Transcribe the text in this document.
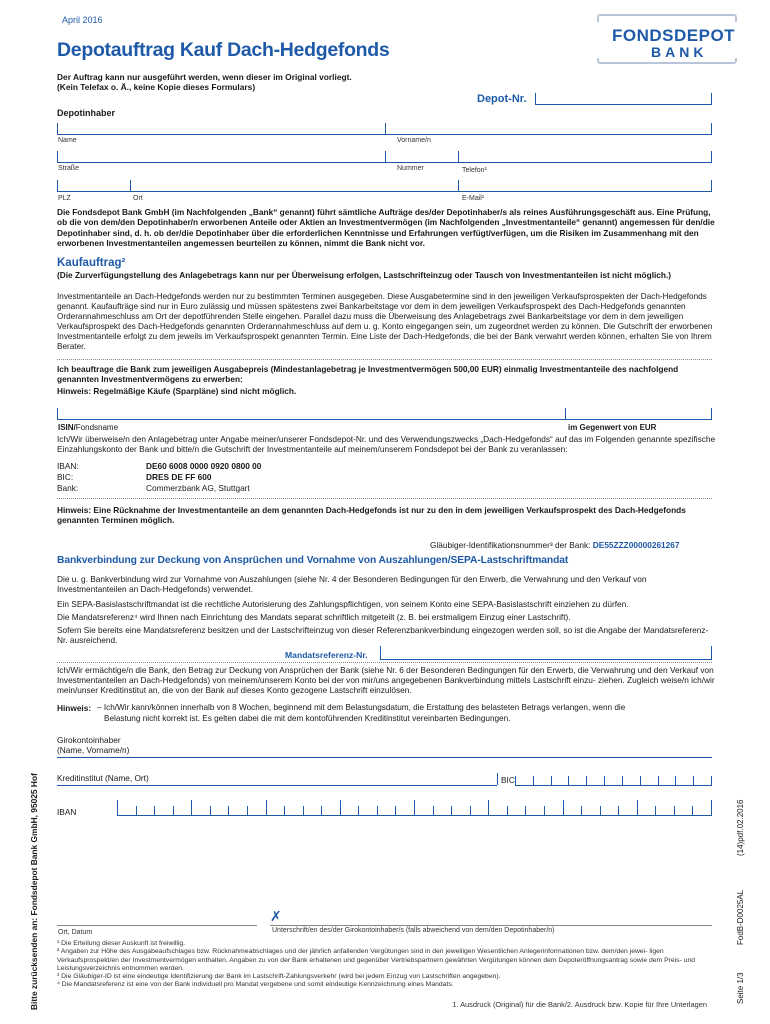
April 2016
Depotauftrag Kauf Dach-Hedgefonds
Der Auftrag kann nur ausgeführt werden, wenn dieser im Original vorliegt.
(Kein Telefax o. Ä., keine Kopie dieses Formulars)
FONDSDEPOT
BANK
Depot-Nr.
Depotinhaber
Name	Vorname/n
Straße	Nummer	Telefon¹
PLZ	Ort	E-Mail¹
Die Fondsdepot Bank GmbH (im Nachfolgenden „Bank“ genannt) führt sämtliche Aufträge des/der Depotinhaber/s als reines Ausführungsgeschäft aus. Eine Prüfung, ob die von dem/den Depotinhaber/n erworbenen Anteile oder Aktien an Investmentvermögen (im Nachfolgenden „Investmentanteile“ genannt) angemessen für den/die Depotinhaber sind, d. h. ob der/die Depotinhaber über die erforderlichen Kenntnisse und Erfahrungen verfügt/verfügen, um die Risiken im Zusammenhang mit den erworbenen Investmentanteilen angemessen beurteilen zu können, nimmt die Bank nicht vor.
Kaufauftrag²
(Die Zurverfügungstellung des Anlagebetrags kann nur per Überweisung erfolgen, Lastschrifteinzug oder Tausch von Investmentanteilen ist nicht möglich.)
Investmentanteile an Dach-Hedgefonds werden nur zu bestimmten Terminen ausgegeben. Diese Ausgabetermine sind in den jeweiligen Verkaufsprospekten der Dach-Hedgefonds genannt. Kaufaufträge sind nur in Euro zulässig und müssen spätestens zwei Bankarbeitstage vor dem in dem jeweiligen Verkaufsprospekt des Dach-Hedgefonds genannten Orderannahmeschluss am Ort der depotführenden Stelle eingehen. Parallel dazu muss die Überweisung des Anlagebetrags zwei Bankarbeitstage vor dem in dem jeweiligen Verkaufsprospekt des Dach-Hedgefonds genannten Orderannahmeschluss auf dem u. g. Konto eingegangen sein, um zugeordnet werden zu können. Die Gutschrift der erworbenen Investmentanteile erfolgt zu dem jeweils im Verkaufsprospekt genannten Termin. Eine Liste der Dach-Hedgefonds, die bei der Bank verwahrt werden können, erhalten Sie von Ihrem Berater.
Ich beauftrage die Bank zum jeweiligen Ausgabepreis (Mindestanlagebetrag je Investmentvermögen 500,00 EUR) einmalig Investmentanteile des nachfolgend genannten Investmentvermögens zu erwerben:
Hinweis: Regelmäßige Käufe (Sparpläne) sind nicht möglich.
ISIN/Fondsname	im Gegenwert von EUR
Ich/Wir überweise/n den Anlagebetrag unter Angabe meiner/unserer Fondsdepot-Nr. und des Verwendungszwecks „Dach-Hedgefonds“ auf das im Folgenden genannte spezifische Einzahlungskonto der Bank und bitte/n die Gutschrift der Investmentanteile auf meinem/unserem Fondsdepot bei der Bank zu veranlassen:
IBAN:	DE60 6008 0000 0920 0800 00
BIC:	DRES DE FF 600
Bank:	Commerzbank AG, Stuttgart
Hinweis: Eine Rücknahme der Investmentanteile an dem genannten Dach-Hedgefonds ist nur zu den in dem jeweiligen Verkaufsprospekt des Dach-Hedgefonds genannten Terminen möglich.
Gläubiger-Identifikationsnummer³ der Bank: DE55ZZZ00000261267
Bankverbindung zur Deckung von Ansprüchen und Vornahme von Auszahlungen/SEPA-Lastschriftmandat
Die u. g. Bankverbindung wird zur Vornahme von Auszahlungen (siehe Nr. 4 der Besonderen Bedingungen für den Erwerb, die Verwahrung und den Verkauf von Investmentanteilen an Dach-Hedgefonds) verwendet.
Ein SEPA-Basislastschriftmandat ist die rechtliche Autorisierung des Zahlungspflichtigen, von seinem Konto eine SEPA-Basislastschrift einziehen zu dürfen.
Die Mandatsreferenz⁴ wird Ihnen nach Einrichtung des Mandats separat schriftlich mitgeteilt (z. B. bei erstmaligem Einzug einer Lastschrift).
Sofern Sie bereits eine Mandatsreferenz besitzen und der Lastschrifteinzug von dieser Referenzbankverbindung eingezogen werden soll, so ist die Angabe der Mandatsreferenz-Nr. ausreichend.
Mandatsreferenz-Nr.
Ich/Wir ermächtige/n die Bank, den Betrag zur Deckung von Ansprüchen der Bank (siehe Nr. 6 der Besonderen Bedingungen für den Erwerb, die Verwahrung und den Verkauf von Investmentanteilen an Dach-Hedgefonds) von meinem/unserem Konto bei der von mir/uns angegebenen Bankverbindung mittels Lastschrift einzu- ziehen. Zugleich weise/n ich/wir mein/unser Kreditinstitut an, die von der Bank auf dieses Konto gezogene Lastschrift einzulösen.
Hinweis: – Ich/Wir kann/können innerhalb von 8 Wochen, beginnend mit dem Belastungsdatum, die Erstattung des belasteten Betrags verlangen, wenn die
Belastung nicht korrekt ist. Es gelten dabei die mit dem kontoführenden Kreditinstitut vereinbarten Bedingungen.
Girokontoinhaber
(Name, Vorname/n)
Kreditinstitut (Name, Ort)	BIC
IBAN
✗
Ort, Datum	Unterschrift/en des/der Girokontoinhaber/s (falls abweichend von dem/den Depotinhaber/n)
¹ Die Erteilung dieser Auskunft ist freiwillig.
² Angaben zur Höhe des Ausgabeaufschlages bzw. Rücknahmeabschlages und der jährlich anfallenden Vergütungen sind in den jeweiligen Wesentlichen Anlegerinformationen bzw. dem/den jewei- ligen Verkaufsprospekt/en der Investmentvermögen enthalten. Angaben zu von der Bank erhaltenen und gegenüber Vertriebspartnern gewährten Vergütungen können dem Depoteröffnungsantrag sowie dem Preis- und Leistungsverzeichnis entnommen werden.
³ Die Gläubiger-ID ist eine eindeutige Identifizierung der Bank im Lastschrift-Zahlungsverkehr (wird bei jedem Einzug von Lastschriften angegeben).
⁴ Die Mandatsreferenz ist eine von der Bank individuell pro Mandat vergebene und somit eindeutige Kennzeichnung eines Mandats.
1. Ausdruck (Original) für die Bank/2. Ausdruck bzw. Kopie für Ihre Unterlagen
Bitte zurücksenden an: Fondsdepot Bank GmbH, 95025 Hof	(14)pdf.02.2016
FodB-D0025AL
Seite 1/3
